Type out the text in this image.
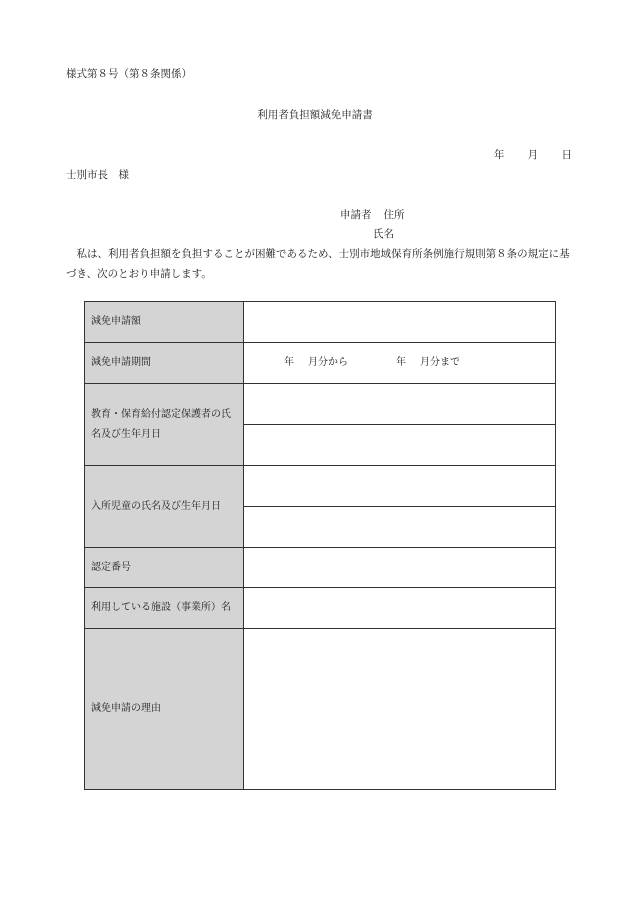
様式第８号（第８条関係）
利用者負担額減免申請書
年 月 日
士別市長　様
申請者 住所
氏名
私は、利用者負担額を負担することが困難であるため、士別市地域保育所条例施行規則第８条の規定に基づき、次のとおり申請します。
減免申請額	
減免申請期間	年 月分から 年 月分まで
教育・保育給付認定保護者の氏名及び生年月日	

入所児童の氏名及び生年月日	

認定番号	
利用している施設（事業所）名	
減免申請の理由	
